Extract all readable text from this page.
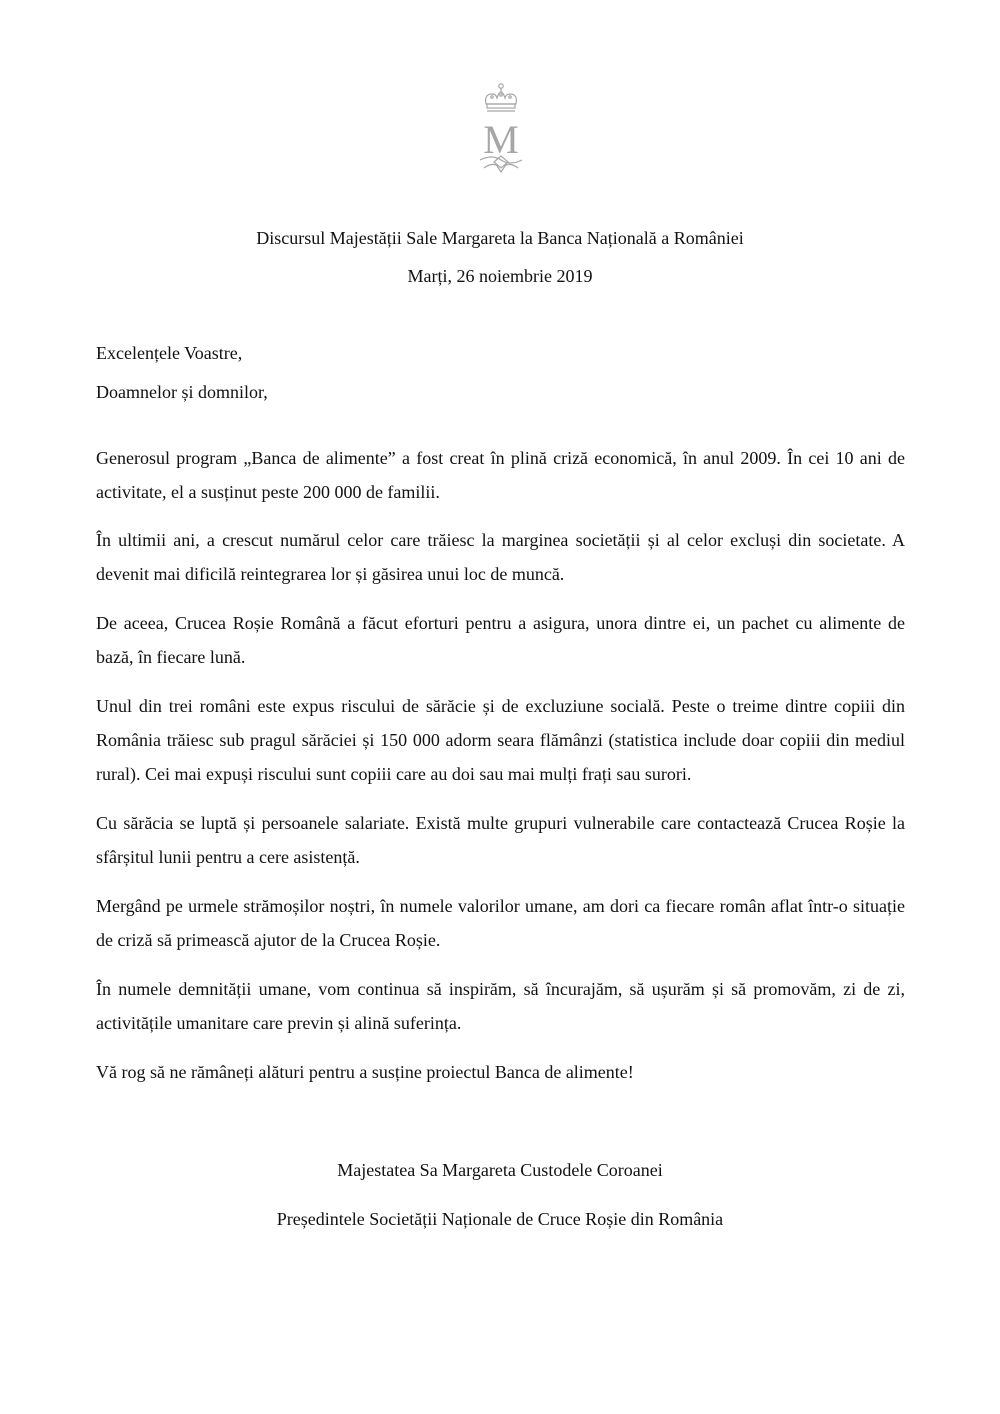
M
Discursul Majestății Sale Margareta la Banca Națională a României
Marți, 26 noiembrie 2019
Excelențele Voastre,
Doamnelor și domnilor,
Generosul program „Banca de alimente” a fost creat în plină criză economică, în anul 2009. În cei 10 ani de activitate, el a susținut peste 200 000 de familii.
În ultimii ani, a crescut numărul celor care trăiesc la marginea societății și al celor excluși din societate. A devenit mai dificilă reintegrarea lor și găsirea unui loc de muncă.
De aceea, Crucea Roșie Română a făcut eforturi pentru a asigura, unora dintre ei, un pachet cu alimente de bază, în fiecare lună.
Unul din trei români este expus riscului de sărăcie și de excluziune socială. Peste o treime dintre copiii din România trăiesc sub pragul sărăciei și 150 000 adorm seara flămânzi (statistica include doar copiii din mediul rural). Cei mai expuși riscului sunt copiii care au doi sau mai mulți frați sau surori.
Cu sărăcia se luptă și persoanele salariate. Există multe grupuri vulnerabile care contactează Crucea Roșie la sfârșitul lunii pentru a cere asistență.
Mergând pe urmele strămoșilor noștri, în numele valorilor umane, am dori ca fiecare român aflat într-o situație de criză să primească ajutor de la Crucea Roșie.
În numele demnității umane, vom continua să inspirăm, să încurajăm, să ușurăm și să promovăm, zi de zi, activitățile umanitare care previn și alină suferința.
Vă rog să ne rămâneți alături pentru a susține proiectul Banca de alimente!
Majestatea Sa Margareta Custodele Coroanei
Președintele Societății Naționale de Cruce Roșie din România
